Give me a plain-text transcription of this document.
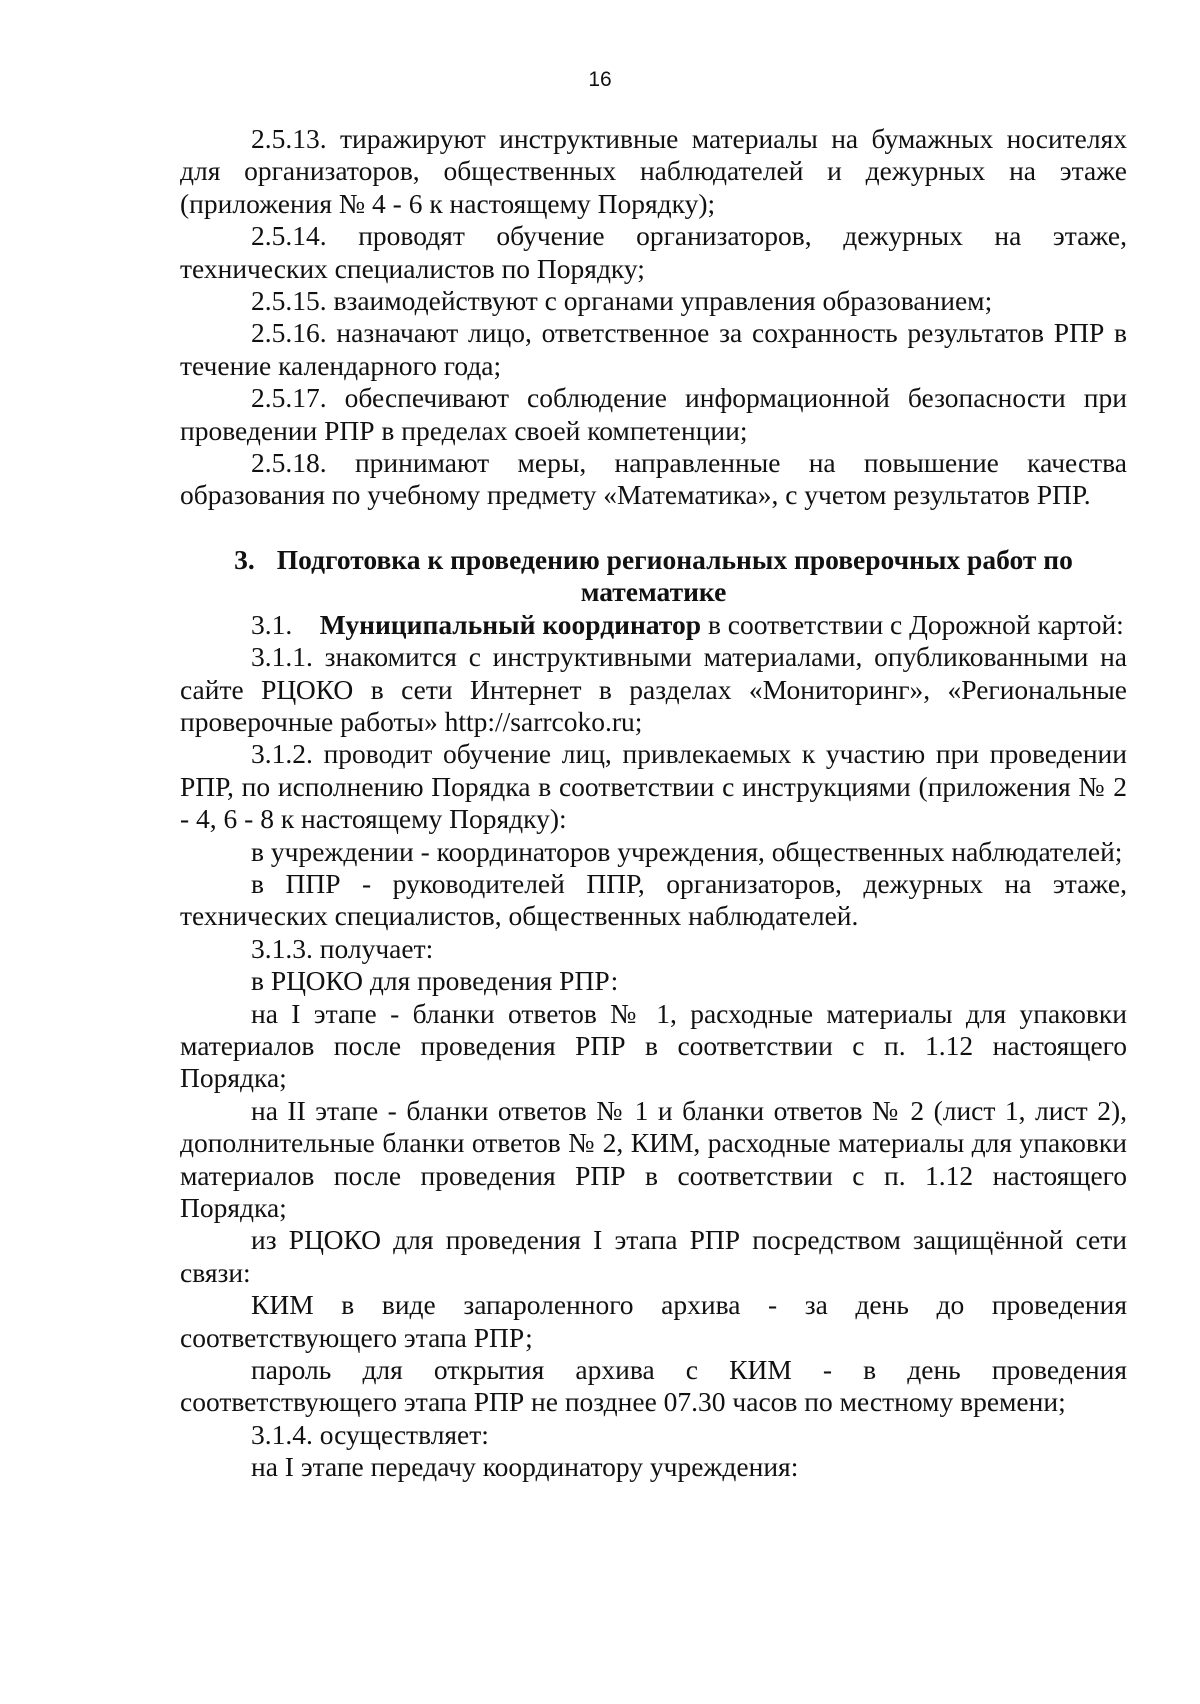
16

2.5.13. тиражируют инструктивные материалы на бумажных носителях для организаторов, общественных наблюдателей и дежурных на этаже (приложения № 4 - 6 к настоящему Порядку);

2.5.14. проводят обучение организаторов, дежурных на этаже, технических специалистов по Порядку;

2.5.15. взаимодействуют с органами управления образованием;

2.5.16. назначают лицо, ответственное за сохранность результатов РПР в течение календарного года;

2.5.17. обеспечивают соблюдение информационной безопасности при проведении РПР в пределах своей компетенции;

2.5.18. принимают меры, направленные на повышение качества образования по учебному предмету «Математика», с учетом результатов РПР.

3. Подготовка к проведению региональных проверочных работ по математике

3.1. Муниципальный координатор в соответствии с Дорожной картой:

3.1.1. знакомится с инструктивными материалами, опубликованными на сайте РЦОКО в сети Интернет в разделах «Мониторинг», «Региональные проверочные работы» http://sarrcoko.ru;

3.1.2. проводит обучение лиц, привлекаемых к участию при проведении РПР, по исполнению Порядка в соответствии с инструкциями (приложения № 2 - 4, 6 - 8 к настоящему Порядку):

в учреждении - координаторов учреждения, общественных наблюдателей;

в ППР - руководителей ППР, организаторов, дежурных на этаже, технических специалистов, общественных наблюдателей.

3.1.3. получает:

в РЦОКО для проведения РПР:

на I этапе - бланки ответов № 1, расходные материалы для упаковки материалов после проведения РПР в соответствии с п. 1.12 настоящего Порядка;

на II этапе - бланки ответов № 1 и бланки ответов № 2 (лист 1, лист 2), дополнительные бланки ответов № 2, КИМ, расходные материалы для упаковки материалов после проведения РПР в соответствии с п. 1.12 настоящего Порядка;

из РЦОКО для проведения I этапа РПР посредством защищённой сети связи:

КИМ в виде запароленного архива - за день до проведения соответствующего этапа РПР;

пароль для открытия архива с КИМ - в день проведения соответствующего этапа РПР не позднее 07.30 часов по местному времени;

3.1.4. осуществляет:

на I этапе передачу координатору учреждения:
